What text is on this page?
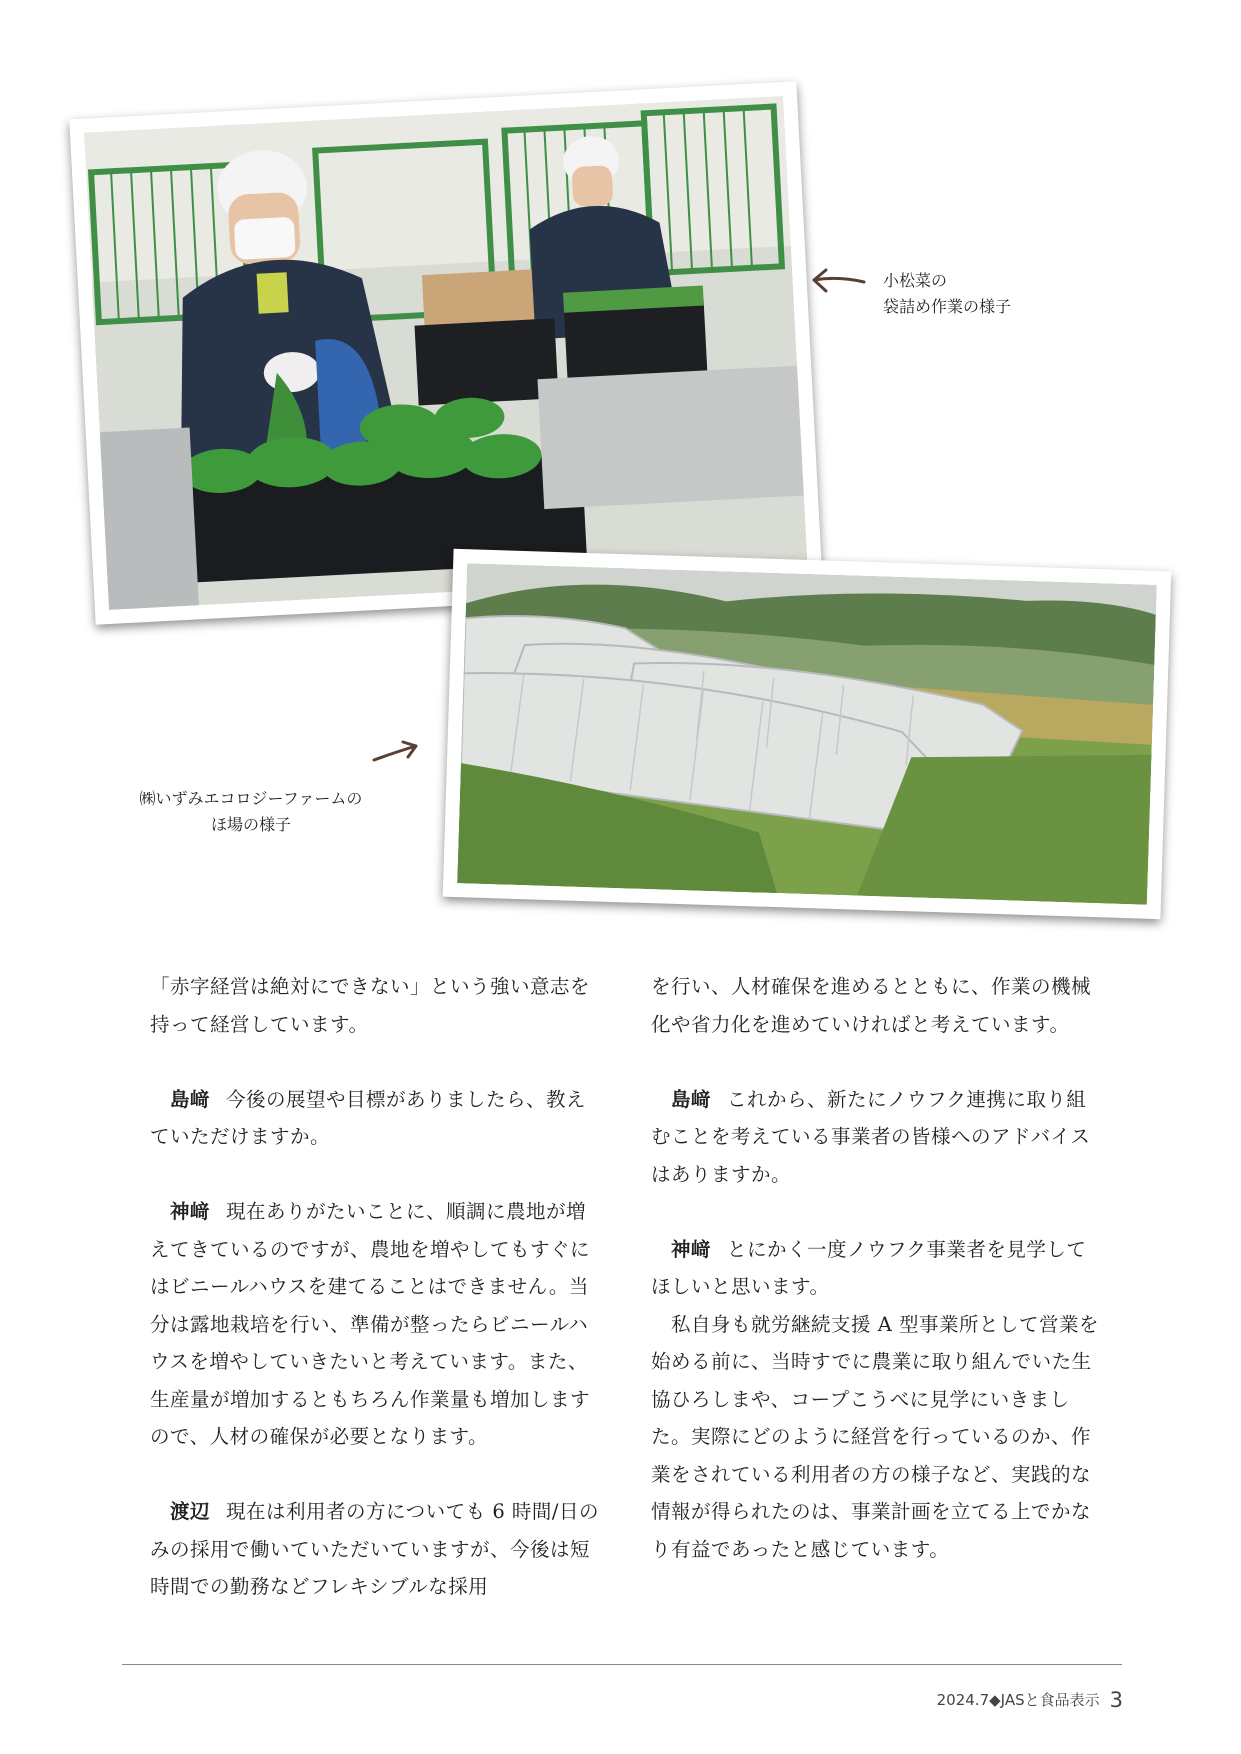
小松菜の
袋詰め作業の様子
㈱いずみエコロジーファームの
ほ場の様子

「赤字経営は絶対にできない」という強い意志を持って経営しています。

島﨑 今後の展望や目標がありましたら、教えていただけますか。

神﨑 現在ありがたいことに、順調に農地が増えてきているのですが、農地を増やしてもすぐにはビニールハウスを建てることはできません。当分は露地栽培を行い、準備が整ったらビニールハウスを増やしていきたいと考えています。また、生産量が増加するともちろん作業量も増加しますので、人材の確保が必要となります。

渡辺 現在は利用者の方についても 6 時間/日のみの採用で働いていただいていますが、今後は短時間での勤務などフレキシブルな採用

を行い、人材確保を進めるとともに、作業の機械化や省力化を進めていければと考えています。

島﨑 これから、新たにノウフク連携に取り組むことを考えている事業者の皆様へのアドバイスはありますか。

神﨑 とにかく一度ノウフク事業者を見学してほしいと思います。

私自身も就労継続支援 A 型事業所として営業を始める前に、当時すでに農業に取り組んでいた生協ひろしまや、コープこうべに見学にいきました。実際にどのように経営を行っているのか、作業をされている利用者の方の様子など、実践的な情報が得られたのは、事業計画を立てる上でかなり有益であったと感じています。

2024.7◆JASと食品表示 3
